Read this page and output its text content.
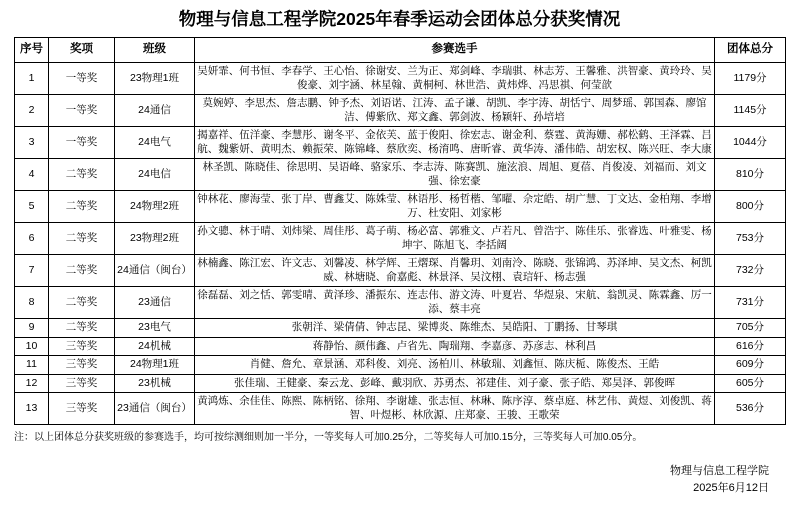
物理与信息工程学院2025年春季运动会团体总分获奖情况
序号	奖项	班级	参赛选手	团体总分
1	一等奖	23物理1班	吴妍霏、何书恒、李春学、王心怡、徐谢安、兰为正、郑剑峰、李瑞骐、林志芳、王馨雅、洪智豪、黄玲玲、吴俊豪、刘宇涵、林星翰、黄桐柯、林世浩、黄炜烨、冯思祺、何莹歆	1179分
2	一等奖	24通信	莫婉婷、李思杰、詹志鹏、钟予杰、刘语诺、江涛、孟子谦、胡凯、李宇涛、胡恬宁、周梦瑶、郭国森、廖馆洁、傅紫欣、郑文鑫、郭剑波、杨颖轩、孙培培	1145分
3	一等奖	24电气	揭嘉祥、伍洋豪、李慧彤、谢冬平、金依芙、蓝于俊阳、徐宏志、谢金利、蔡霆、黄海姗、郝松鹤、王泽霖、吕航、魏紫妍、黄明杰、赖振荣、陈锦峰、蔡欣奕、杨淯鸣、唐昕睿、黄华涛、潘伟皓、胡宏权、陈兴旺、李大康	1044分
4	二等奖	24电信	林圣凯、陈晓佳、徐思明、吴语峰、骆家乐、李志涛、陈赛凯、施泫浪、周旭、夏蓓、肖俊凌、刘福而、刘文强、徐宏豪	810分
5	二等奖	24物理2班	钟林花、廖海莹、张丁岸、曹鑫艾、陈姝莹、林语彤、杨哲楷、邹曜、佘定皓、胡广慧、丁文达、金柏翔、李增万、杜安阳、刘家彬	800分
6	二等奖	23物理2班	孙文骢、林于晴、刘炜梁、周佳彤、葛子萌、杨必富、郭雅文、卢若凡、曾浩宇、陈佳乐、张睿选、叶雅雯、杨坤宇、陈旭飞、李括阔	753分
7	二等奖	24通信（闽台）	林楠鑫、陈江宏、许文志、刘馨凌、林学辉、王熠琛、肖馨玥、刘南泠、陈晓、张锦鸿、苏泽坤、吴文杰、柯凯威、林塘晓、俞嘉彪、林景泽、吴汶栩、袁琂轩、杨志强	732分
8	二等奖	23通信	徐磊磊、刘之恬、郭雯晴、黄泽珍、潘振东、连志伟、游文涛、叶夏岩、华煜泉、宋航、翁凯灵、陈霖鑫、厉一添、蔡丰亮	731分
9	二等奖	23电气	张朝洋、梁倩倩、钟志昆、梁博炎、陈维杰、吴皓阳、丁鹏扬、甘琴琪	705分
10	三等奖	24机械	蒋静怡、颜伟鑫、卢省先、陶瑞翔、李嘉彦、苏彦志、林利昌	616分
11	三等奖	24物理1班	肖健、詹允、章景涵、邓科俊、刘亮、汤柏川、林敏瑞、刘鑫恒、陈庆栀、陈俊杰、王皓	609分
12	三等奖	23机械	张佳瑞、王健豪、秦云龙、彭峰、戴羽欣、苏勇杰、祁建佳、刘子豪、张子皓、郑昊泽、郭俊晖	605分
13	三等奖	23通信（闽台）	黄鸿炼、余佳佳、陈熙、陈柄铭、徐翔、李谢雄、张志恒、林琳、陈序淳、蔡卓庭、林艺伟、黄煜、刘俊凯、蒋智、叶煜彬、林欣源、庄郑豪、王骏、王歌荣	536分
注：以上团体总分获奖班级的参赛选手，均可按综测细则加一半分，一等奖每人可加0.25分，二等奖每人可加0.15分，三等奖每人可加0.05分。
物理与信息工程学院
2025年6月12日
